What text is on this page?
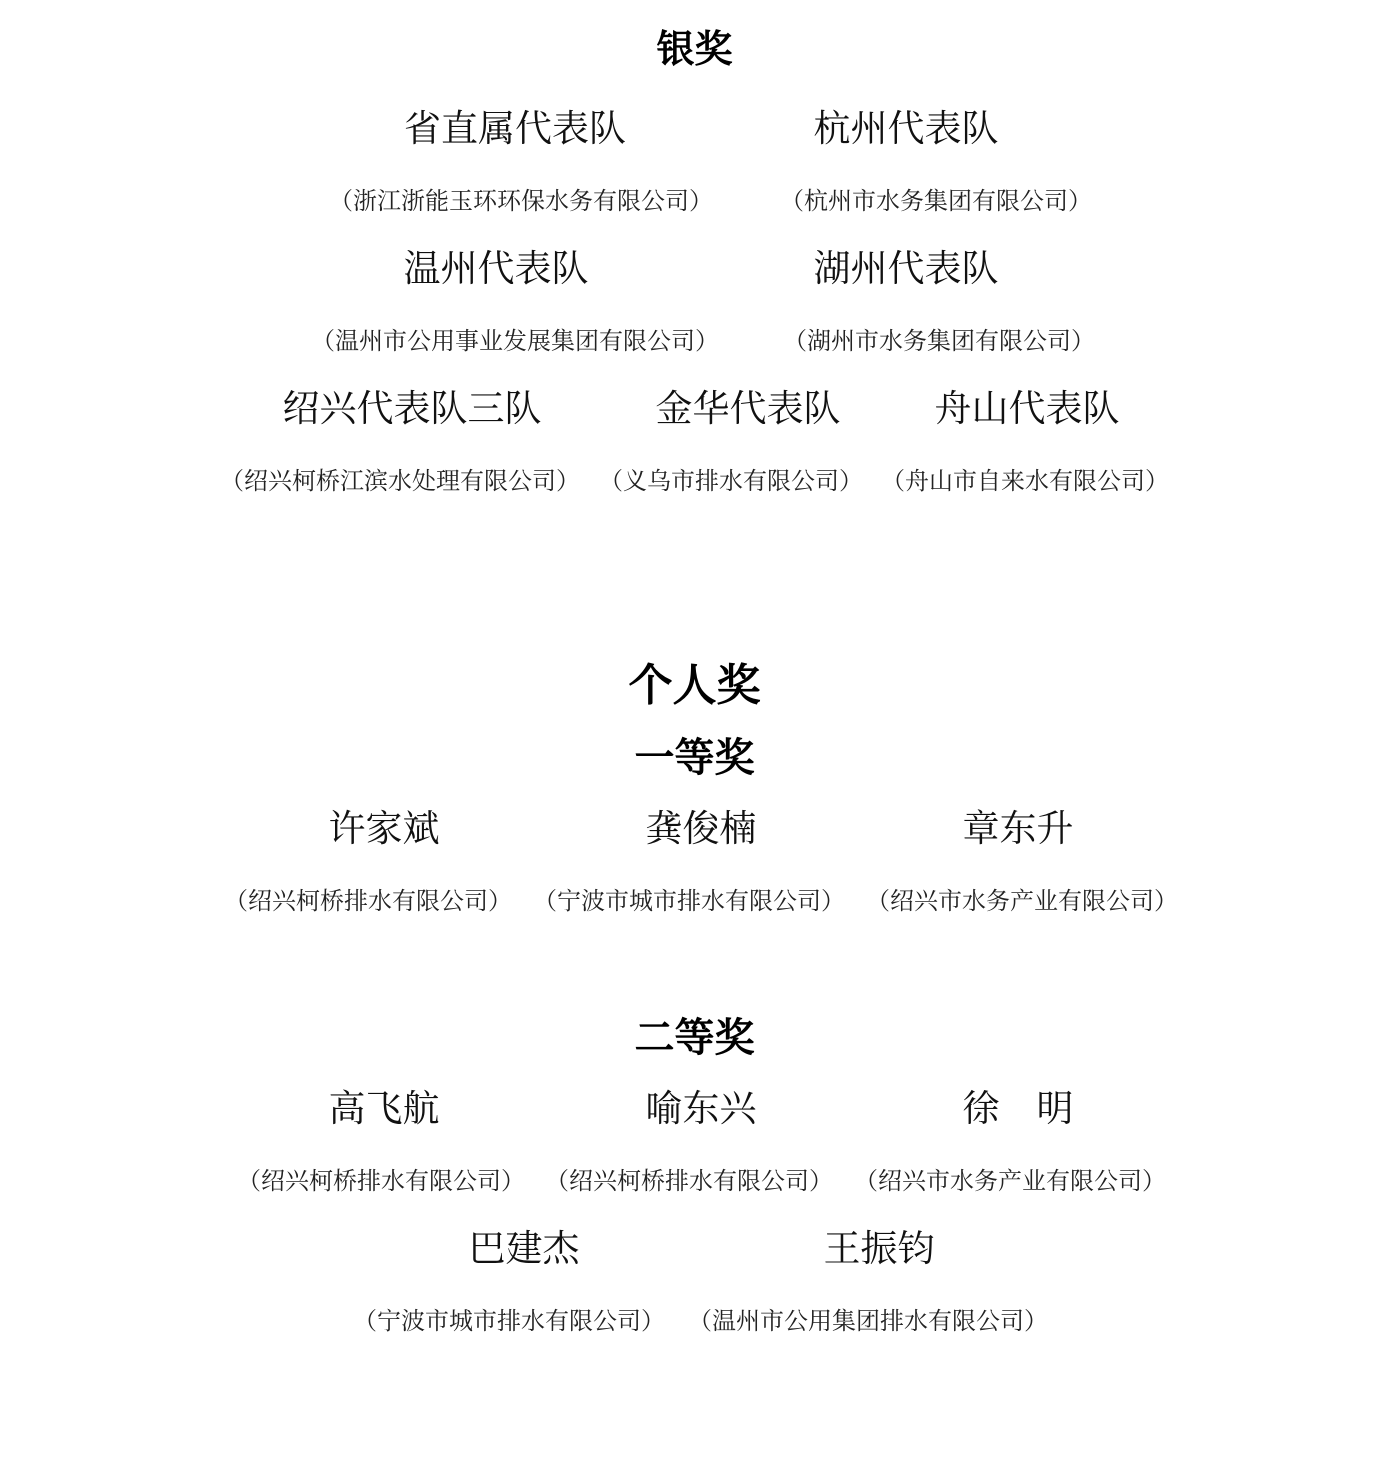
银奖
省直属代表队	杭州代表队
（浙江浙能玉环环保水务有限公司）	（杭州市水务集团有限公司）
温州代表队	湖州代表队
（温州市公用事业发展集团有限公司）	（湖州市水务集团有限公司）
绍兴代表队三队	金华代表队	舟山代表队
（绍兴柯桥江滨水处理有限公司） （义乌市排水有限公司） （舟山市自来水有限公司）
个人奖
一等奖
许家斌	龚俊楠	章东升
（绍兴柯桥排水有限公司） （宁波市城市排水有限公司） （绍兴市水务产业有限公司）
二等奖
高飞航	喻东兴	徐　明
（绍兴柯桥排水有限公司） （绍兴柯桥排水有限公司） （绍兴市水务产业有限公司）
巴建杰	王振钧
（宁波市城市排水有限公司） （温州市公用集团排水有限公司）
